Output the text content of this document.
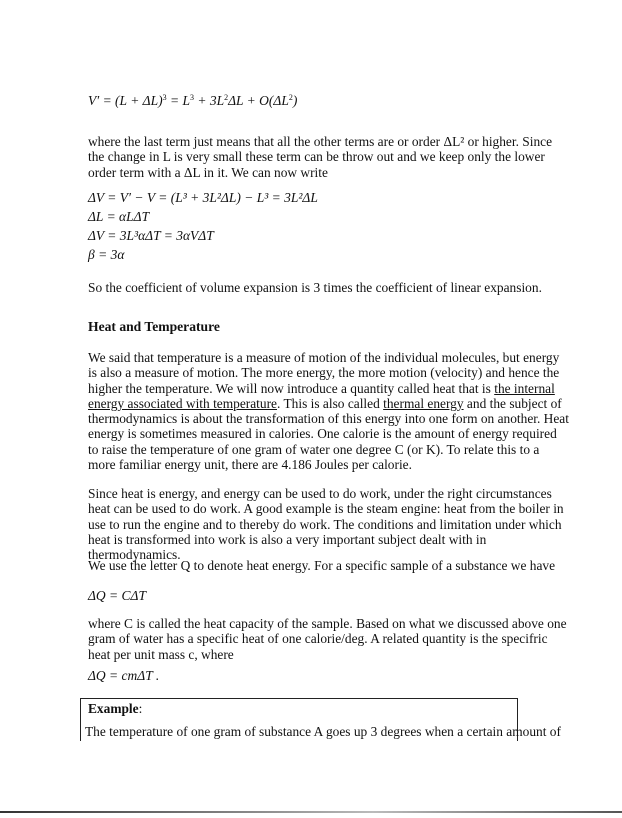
$V' = (L + \Delta L)^3 = L^3 + 3L^2\Delta L + O(\Delta L^2)$
where the last term just means that all the other terms are or order ΔL² or higher. Since
the change in L is very small these term can be throw out and we keep only the lower
order term with a ΔL in it. We can now write
ΔV = V′ − V = (L³ + 3L²ΔL) − L³ = 3L²ΔL
ΔL = αLΔT
ΔV = 3L³αΔT = 3αVΔT
β = 3α
So the coefficient of volume expansion is 3 times the coefficient of linear expansion.
Heat and Temperature
We said that temperature is a measure of motion of the individual molecules, but energy
is also a measure of motion. The more energy, the more motion (velocity) and hence the
higher the temperature. We will now introduce a quantity called heat that is the internal
energy associated with temperature. This is also called thermal energy and the subject of
thermodynamics is about the transformation of this energy into one form on another. Heat
energy is sometimes measured in calories. One calorie is the amount of energy required
to raise the temperature of one gram of water one degree C (or K). To relate this to a
more familiar energy unit, there are 4.186 Joules per calorie.
Since heat is energy, and energy can be used to do work, under the right circumstances
heat can be used to do work. A good example is the steam engine: heat from the boiler in
use to run the engine and to thereby do work. The conditions and limitation under which
heat is transformed into work is also a very important subject dealt with in
thermodynamics.
We use the letter Q to denote heat energy. For a specific sample of a substance we have
ΔQ = CΔT
where C is called the heat capacity of the sample. Based on what we discussed above one
gram of water has a specific heat of one calorie/deg. A related quantity is the specifric
heat per unit mass c, where
ΔQ = cmΔT .
Example:
The temperature of one gram of substance A goes up 3 degrees when a certain amount of
